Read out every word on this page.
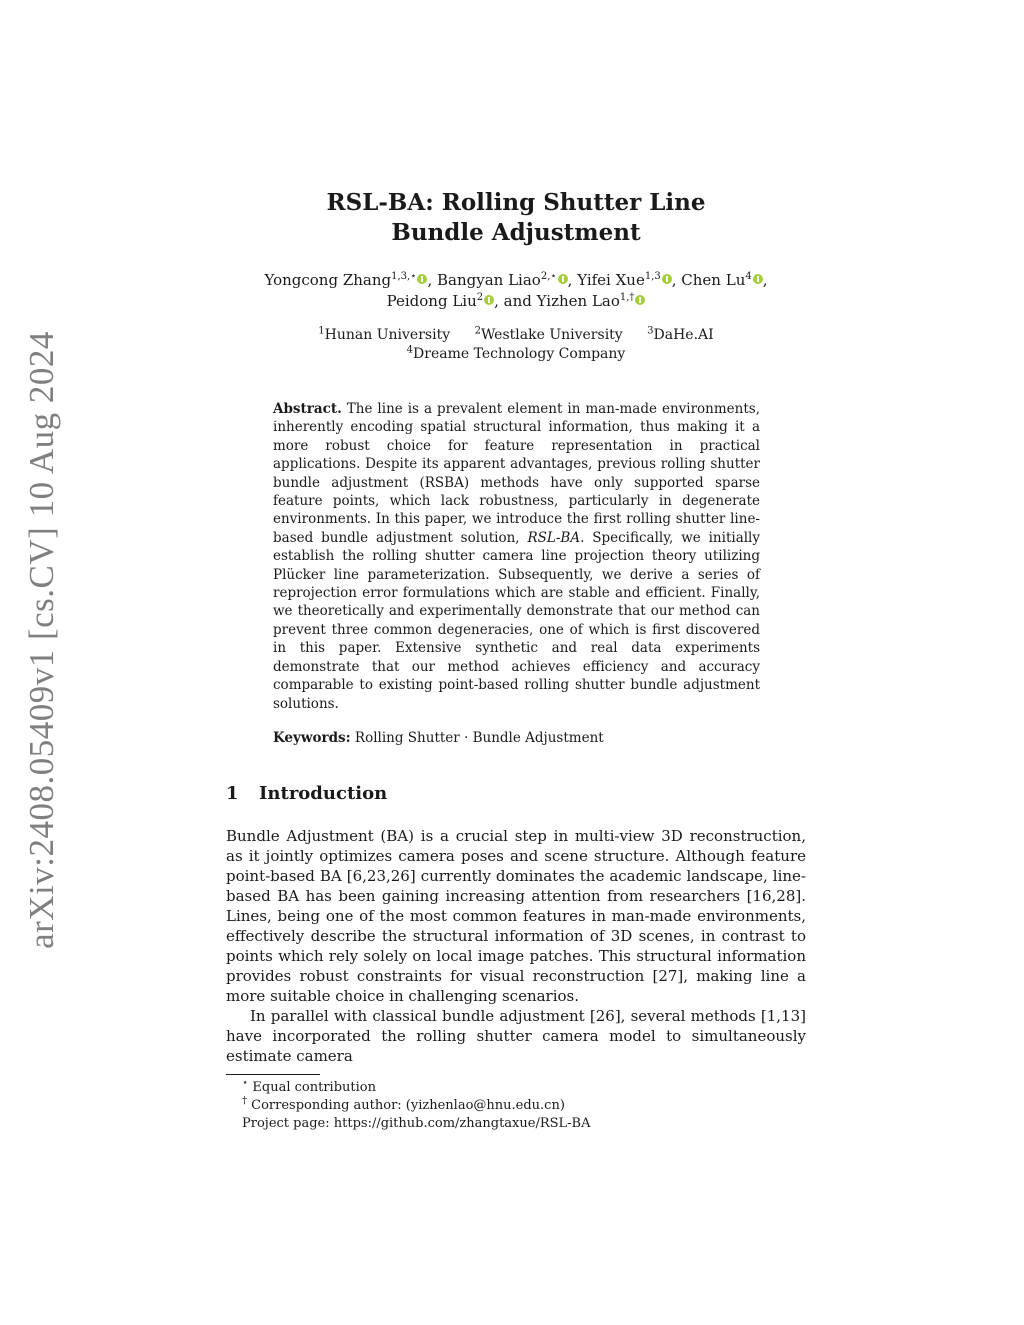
arXiv:2408.05409v1 [cs.CV] 10 Aug 2024
RSL-BA: Rolling Shutter Line
Bundle Adjustment
Yongcong Zhang$^{1,3,⋆}$ , Bangyan Liao$^{2,⋆}$ , Yifei Xue$^{1,3}$ , Chen Lu$^4$ ,
Peidong Liu$^2$ , and Yizhen Lao$^{1,\dagger}$
$^1$Hunan University $^2$Westlake University $^3$DaHe.AI
$^4$Dreame Technology Company
Abstract. The line is a prevalent element in man-made environments, inherently encoding spatial structural information, thus making it a more robust choice for feature representation in practical applications. Despite its apparent advantages, previous rolling shutter bundle adjustment (RSBA) methods have only supported sparse feature points, which lack robustness, particularly in degenerate environments. In this paper, we introduce the first rolling shutter line-based bundle adjustment solution, RSL-BA. Specifically, we initially establish the rolling shutter camera line projection theory utilizing Plücker line parameterization. Subsequently, we derive a series of reprojection error formulations which are stable and efficient. Finally, we theoretically and experimentally demonstrate that our method can prevent three common degeneracies, one of which is first discovered in this paper. Extensive synthetic and real data experiments demonstrate that our method achieves efficiency and accuracy comparable to existing point-based rolling shutter bundle adjustment solutions.
Keywords: Rolling Shutter · Bundle Adjustment
1 Introduction

Bundle Adjustment (BA) is a crucial step in multi-view 3D reconstruction, as it jointly optimizes camera poses and scene structure. Although feature point-based BA [6,23,26] currently dominates the academic landscape, line-based BA has been gaining increasing attention from researchers [16,28]. Lines, being one of the most common features in man-made environments, effectively describe the structural information of 3D scenes, in contrast to points which rely solely on local image patches. This structural information provides robust constraints for visual reconstruction [27], making line a more suitable choice in challenging scenarios.

In parallel with classical bundle adjustment [26], several methods [1,13] have incorporated the rolling shutter camera model to simultaneously estimate camera

⋆ Equal contribution
† Corresponding author: (yizhenlao@hnu.edu.cn)
Project page: https://github.com/zhangtaxue/RSL-BA
